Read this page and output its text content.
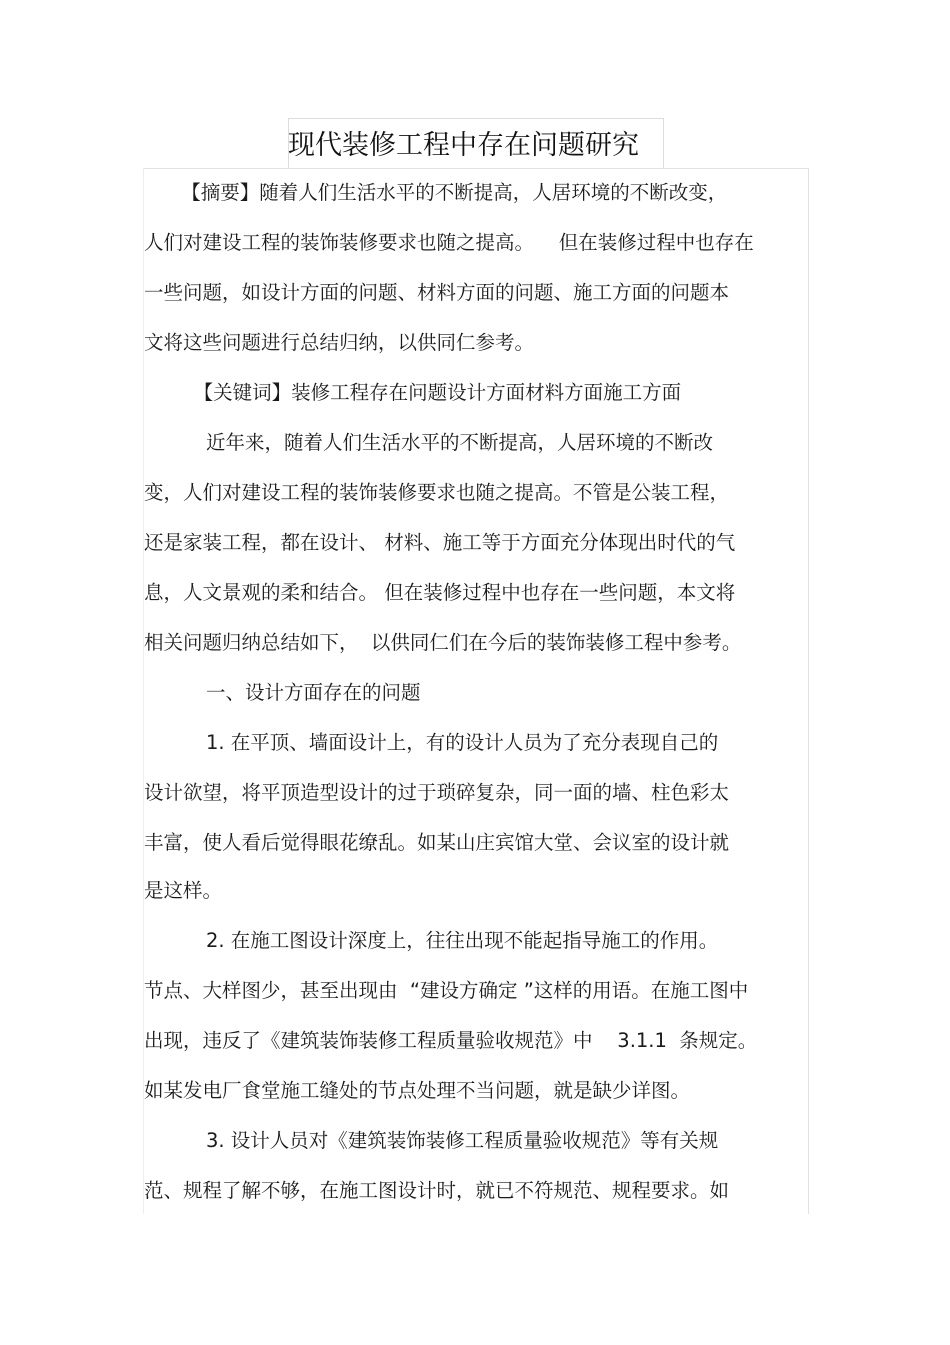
现代装修工程中存在问题研究
【摘要】随着人们生活水平的不断提高，人居环境的不断改变，
人们对建设工程的装饰装修要求也随之提高。    但在装修过程中也存在
一些问题，如设计方面的问题、材料方面的问题、施工方面的问题本
文将这些问题进行总结归纳，以供同仁参考。
【关键词】装修工程存在问题设计方面材料方面施工方面
近年来，随着人们生活水平的不断提高，人居环境的不断改
变，人们对建设工程的装饰装修要求也随之提高。不管是公装工程，
还是家装工程，都在设计、 材料、施工等于方面充分体现出时代的气
息，人文景观的柔和结合。 但在装修过程中也存在一些问题，本文将
相关问题归纳总结如下，  以供同仁们在今后的装饰装修工程中参考。
一、设计方面存在的问题
1. 在平顶、墙面设计上，有的设计人员为了充分表现自己的
设计欲望，将平顶造型设计的过于琐碎复杂，同一面的墙、柱色彩太
丰富，使人看后觉得眼花缭乱。如某山庄宾馆大堂、会议室的设计就
是这样。
2. 在施工图设计深度上，往往出现不能起指导施工的作用。
节点、大样图少，甚至出现由  “建设方确定 ”这样的用语。在施工图中
出现，违反了《建筑装饰装修工程质量验收规范》中    3.1.1  条规定。
如某发电厂食堂施工缝处的节点处理不当问题，就是缺少详图。
3. 设计人员对《建筑装饰装修工程质量验收规范》等有关规
范、规程了解不够，在施工图设计时，就已不符规范、规程要求。如
